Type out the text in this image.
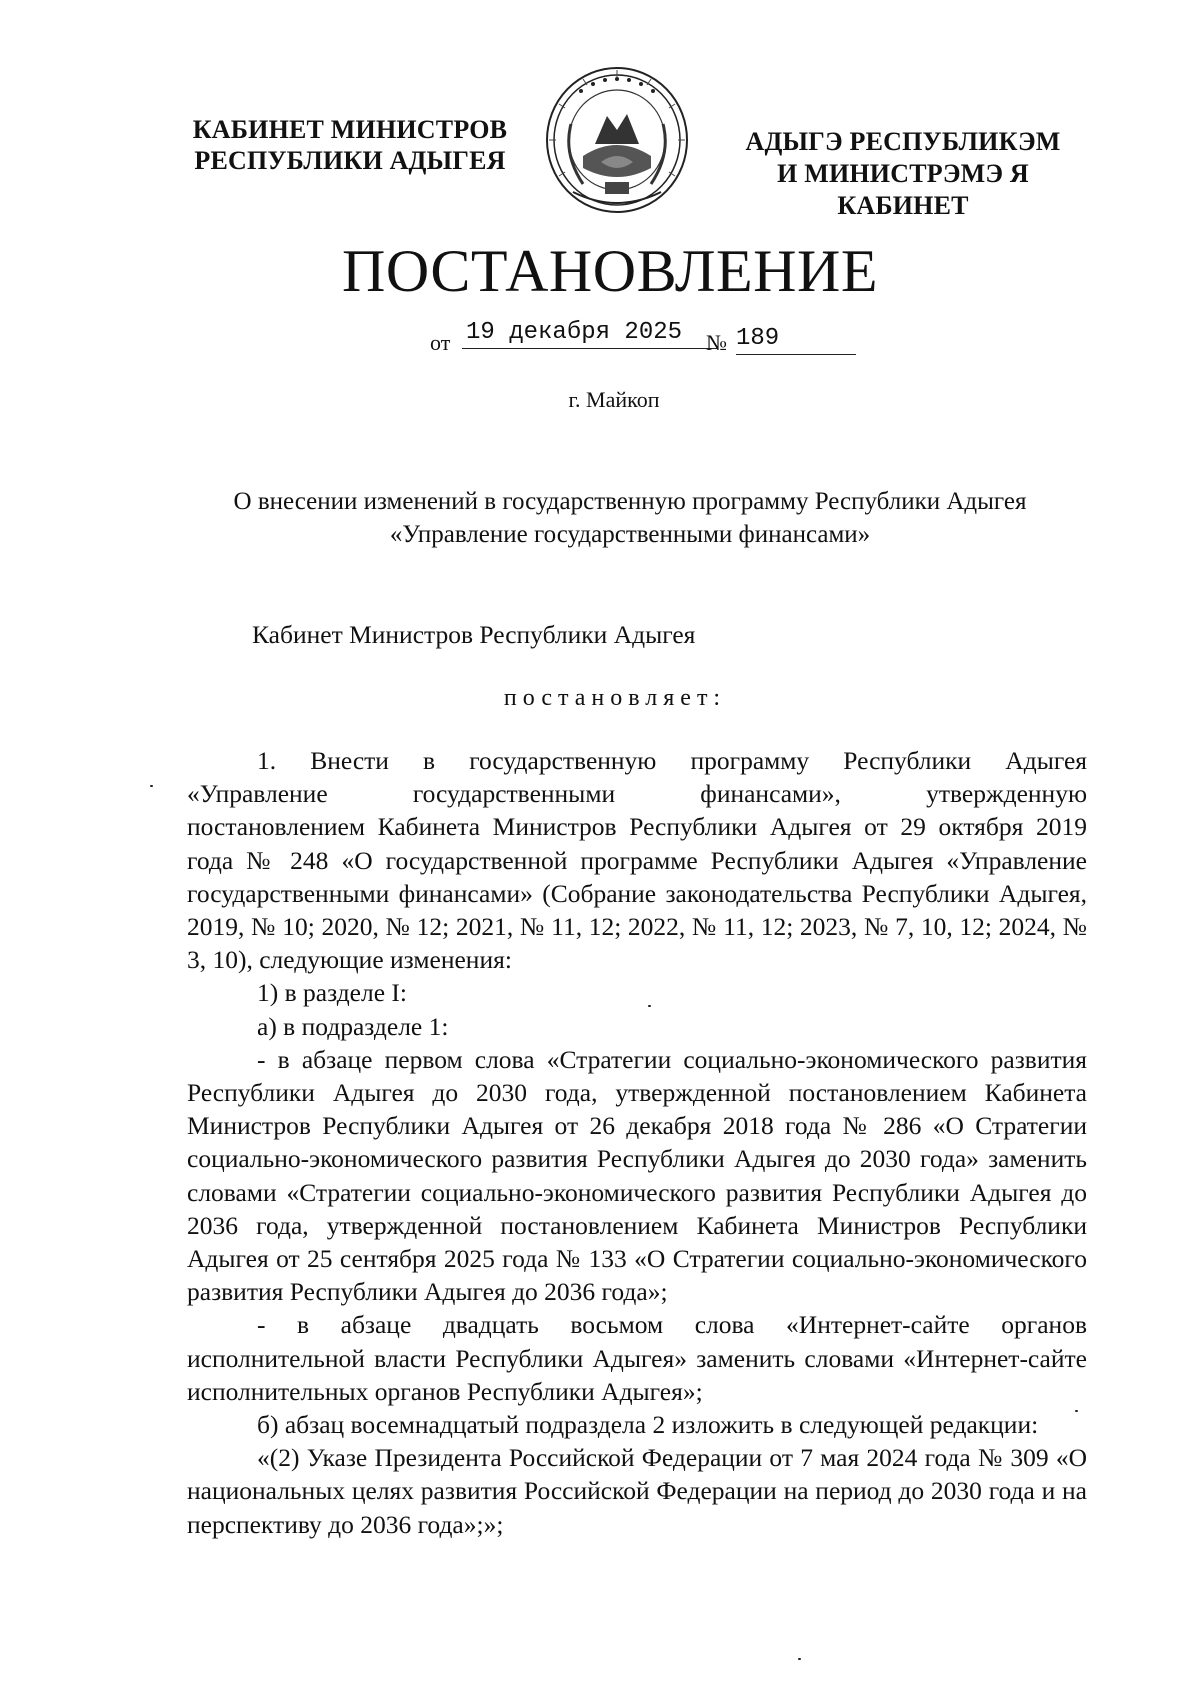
КАБИНЕТ МИНИСТРОВ
РЕСПУБЛИКИ АДЫГЕЯ
АДЫГЭ РЕСПУБЛИКЭМ
И МИНИСТРЭМЭ Я КАБИНЕТ
ПОСТАНОВЛЕНИЕ
от 19 декабря 2025	№ 189
г. Майкоп
О внесении изменений в государственную программу Республики Адыгея
«Управление государственными финансами»
Кабинет Министров Республики Адыгея
постановляет:

1. Внести в государственную программу Республики Адыгея

«Управление государственными финансами», утвержденную

постановлением Кабинета Министров Республики Адыгея от 29 октября 2019 года № 248 «О государственной программе Республики Адыгея «Управление государственными финансами» (Собрание законодательства Республики Адыгея, 2019, № 10; 2020, № 12; 2021, № 11, 12; 2022, № 11, 12; 2023, № 7, 10, 12; 2024, № 3, 10), следующие изменения:

1) в разделе I:

а) в подразделе 1:

- в абзаце первом слова «Стратегии социально-экономического развития Республики Адыгея до 2030 года, утвержденной постановлением Кабинета Министров Республики Адыгея от 26 декабря 2018 года № 286 «О Стратегии социально-экономического развития Республики Адыгея до 2030 года» заменить словами «Стратегии социально-экономического развития Республики Адыгея до 2036 года, утвержденной постановлением Кабинета Министров Республики Адыгея от 25 сентября 2025 года № 133 «О Стратегии социально-экономического развития Республики Адыгея до 2036 года»;

- в абзаце двадцать восьмом слова «Интернет-сайте органов исполнительной власти Республики Адыгея» заменить словами «Интернет-сайте исполнительных органов Республики Адыгея»;

б) абзац восемнадцатый подраздела 2 изложить в следующей редакции:

«(2) Указе Президента Российской Федерации от 7 мая 2024 года № 309 «О национальных целях развития Российской Федерации на период до 2030 года и на перспективу до 2036 года»;»;
